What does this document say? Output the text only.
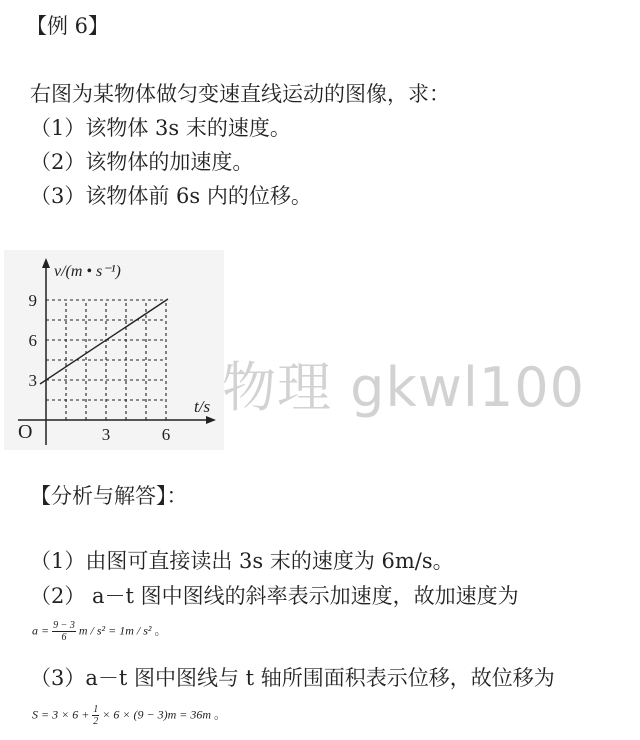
【例 6】
右图为某物体做匀变速直线运动的图像，求：
（1）该物体 3s 末的速度。
（2）该物体的加速度。
（3）该物体前 6s 内的位移。
3	6
3
6
9
t/s
v/(m • s⁻¹)
O
物理 gkwl100
【分析与解答】：
（1）由图可直接读出 3s 末的速度为 6m/s。
（2） a－t 图中图线的斜率表示加速度，故加速度为
$a = \frac{9 - 3}{6}$ m / s² = 1m / s² 。
（3）a－t 图中图线与 t 轴所围面积表示位移，故位移为
$S = 3 \times 6 + \frac{1}{2} \times 6 \times (9 - 3)m = 36m$ 。
